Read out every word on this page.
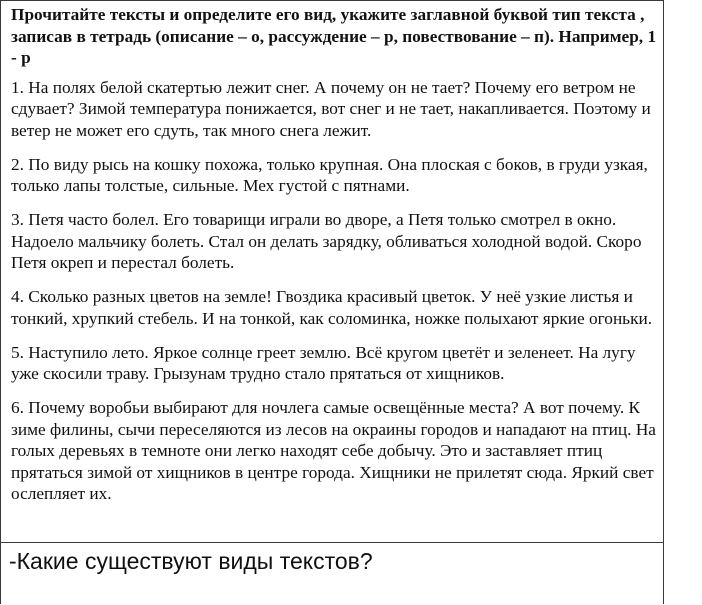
Прочитайте тексты и определите его вид, укажите заглавной буквой тип текста , записав в тетрадь (описание – о, рассуждение – р, повествование – п). Например, 1 - р

1. На полях белой скатертью лежит снег. А почему он не тает? Почему его ветром не сдувает? Зимой температура понижается, вот снег и не тает, накапливается. Поэтому и ветер не может его сдуть, так много снега лежит.

2. По виду рысь на кошку похожа, только крупная. Она плоская с боков, в груди узкая, только лапы толстые, сильные. Мех густой с пятнами.

3. Петя часто болел. Его товарищи играли во дворе, а Петя только смотрел в окно. Надоело мальчику болеть. Стал он делать зарядку, обливаться холодной водой. Скоро Петя окреп и перестал болеть.

4. Сколько разных цветов на земле! Гвоздика красивый цветок. У неё узкие листья и тонкий, хрупкий стебель. И на тонкой, как соломинка, ножке полыхают яркие огоньки.

5. Наступило лето. Яркое солнце греет землю. Всё кругом цветёт и зеленеет. На лугу уже скосили траву. Грызунам трудно стало прятаться от хищников.

6. Почему воробьи выбирают для ночлега самые освещённые места? А вот почему. К зиме филины, сычи переселяются из лесов на окраины городов и нападают на птиц. На голых деревьях в темноте они легко находят себе добычу. Это и заставляет птиц прятаться зимой от хищников в центре города. Хищники не прилетят сюда. Яркий свет ослепляет их.

-Какие существуют виды текстов?
